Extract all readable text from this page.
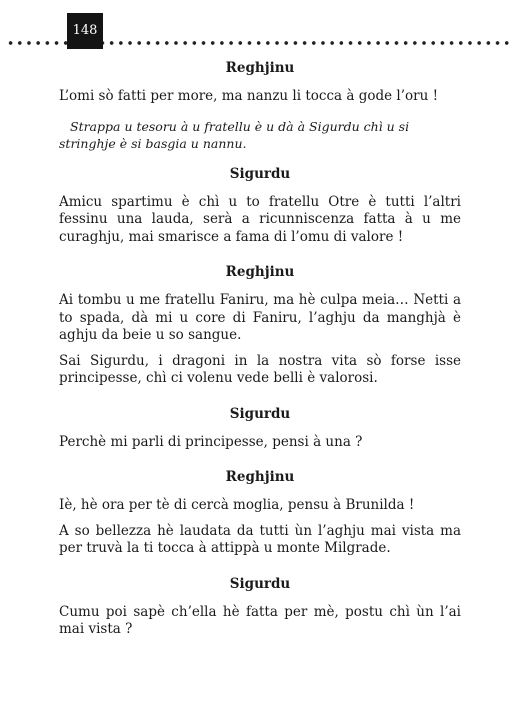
148

Reghjinu

L’omi sò fatti per more, ma nanzu li tocca à gode l’oru !

Strappa u tesoru à u fratellu è u dà à Sigurdu chì u si stringhje è si basgia u nannu.

Sigurdu

Amicu spartimu è chì u to fratellu Otre è tutti l’altri fessinu una lauda, serà a ricunniscenza fatta à u me curaghju, mai smarisce a fama di l’omu di valore !

Reghjinu

Ai tombu u me fratellu Faniru, ma hè culpa meia… Netti a to spada, dà mi u core di Faniru, l’aghju da manghjà è aghju da beie u so sangue.

Sai Sigurdu, i dragoni in la nostra vita sò forse isse principesse, chì ci volenu vede belli è valorosi.

Sigurdu

Perchè mi parli di principesse, pensi à una ?

Reghjinu

Iè, hè ora per tè di cercà moglia, pensu à Brunilda !

A so bellezza hè laudata da tutti ùn l’aghju mai vista ma per truvà la ti tocca à attippà u monte Milgrade.

Sigurdu

Cumu poi sapè ch’ella hè fatta per mè, postu chì ùn l’ai mai vista ?
